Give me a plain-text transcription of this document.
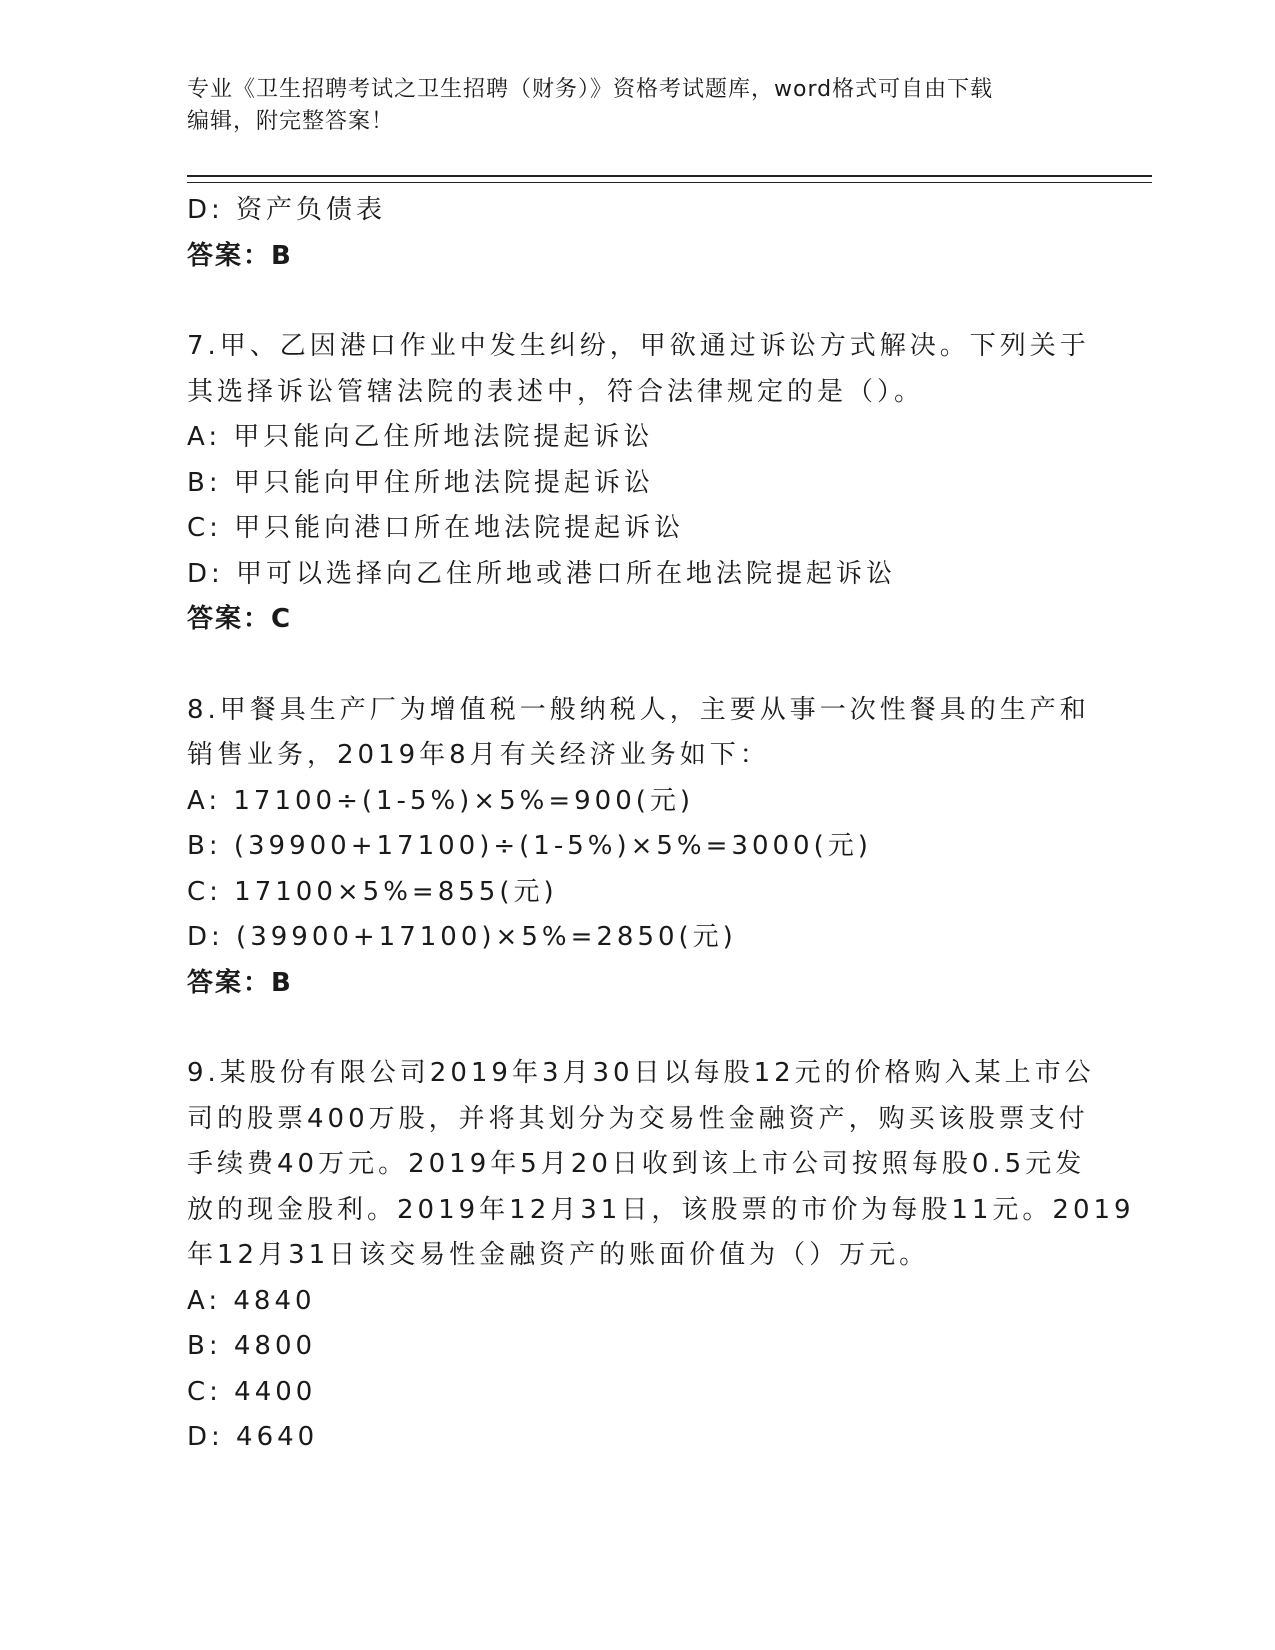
专业《卫生招聘考试之卫生招聘（财务）》资格考试题库，word格式可自由下载
编辑，附完整答案！
D: 资产负债表
答案：B
7.甲、乙因港口作业中发生纠纷，甲欲通过诉讼方式解决。下列关于
其选择诉讼管辖法院的表述中，符合法律规定的是（）。
A: 甲只能向乙住所地法院提起诉讼
B: 甲只能向甲住所地法院提起诉讼
C: 甲只能向港口所在地法院提起诉讼
D: 甲可以选择向乙住所地或港口所在地法院提起诉讼
答案：C
8.甲餐具生产厂为增值税一般纳税人，主要从事一次性餐具的生产和
销售业务，2019年8月有关经济业务如下：
A: 17100÷(1-5%)×5%=900(元)
B: (39900+17100)÷(1-5%)×5%=3000(元)
C: 17100×5%=855(元)
D: (39900+17100)×5%=2850(元)
答案：B
9.某股份有限公司2019年3月30日以每股12元的价格购入某上市公
司的股票400万股，并将其划分为交易性金融资产，购买该股票支付
手续费40万元。2019年5月20日收到该上市公司按照每股0.5元发
放的现金股利。2019年12月31日，该股票的市价为每股11元。2019
年12月31日该交易性金融资产的账面价值为（）万元。
A: 4840
B: 4800
C: 4400
D: 4640
